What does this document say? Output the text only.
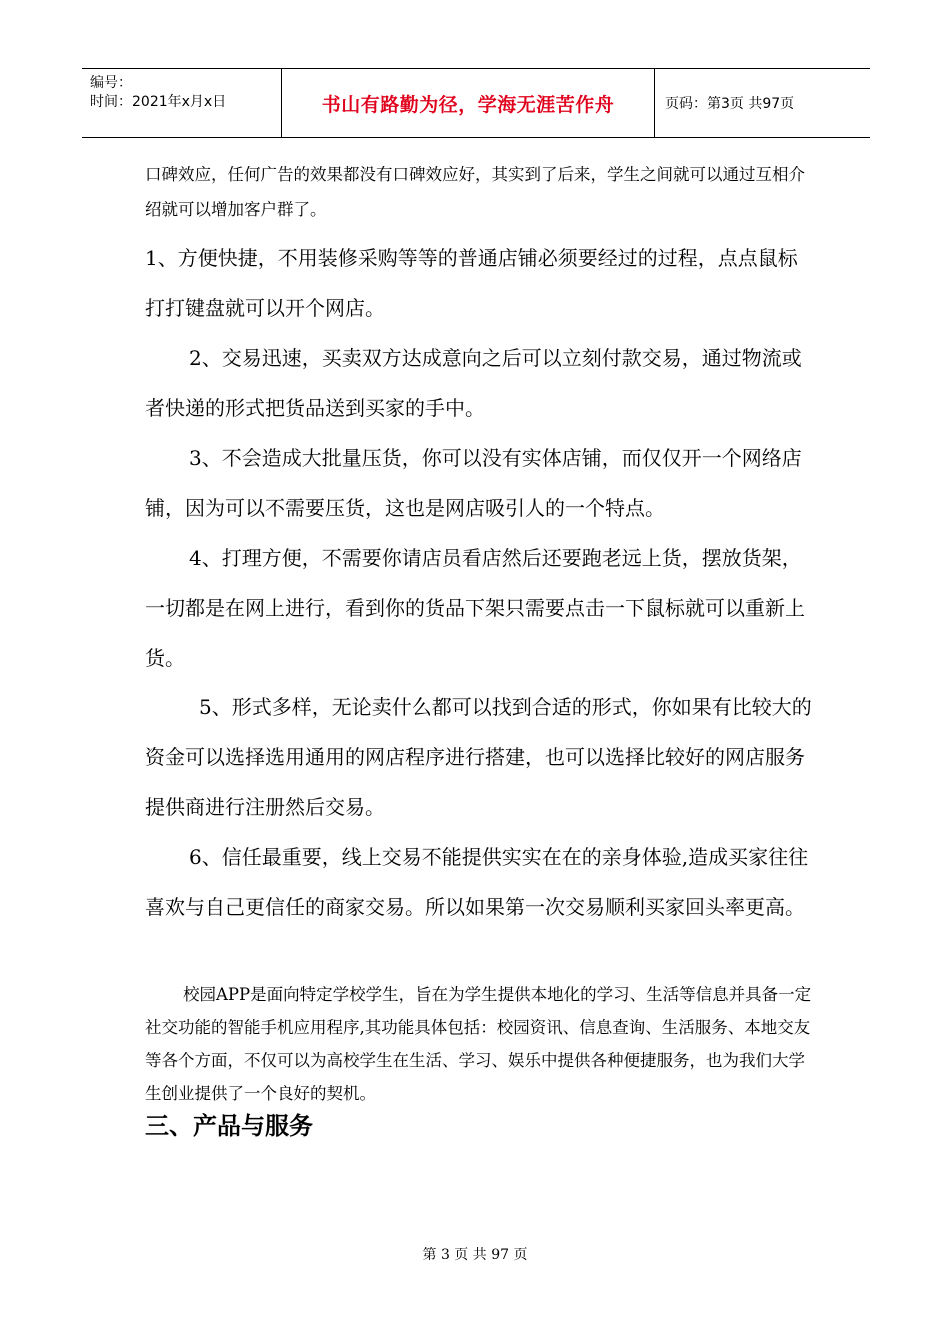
编号：
时间：2021年x月x日	书山有路勤为径，学海无涯苦作舟	页码：第3页 共97页
口碑效应，任何广告的效果都没有口碑效应好，其实到了后来，学生之间就可以通过互相介绍就可以增加客户群了。
1、方便快捷，不用装修采购等等的普通店铺必须要经过的过程，点点鼠标打打键盘就可以开个网店。
2、交易迅速，买卖双方达成意向之后可以立刻付款交易，通过物流或者快递的形式把货品送到买家的手中。
3、不会造成大批量压货，你可以没有实体店铺，而仅仅开一个网络店铺，因为可以不需要压货，这也是网店吸引人的一个特点。
4、打理方便，不需要你请店员看店然后还要跑老远上货，摆放货架，一切都是在网上进行，看到你的货品下架只需要点击一下鼠标就可以重新上货。
5、形式多样，无论卖什么都可以找到合适的形式，你如果有比较大的资金可以选择选用通用的网店程序进行搭建，也可以选择比较好的网店服务提供商进行注册然后交易。
6、信任最重要，线上交易不能提供实实在在的亲身体验,造成买家往往喜欢与自己更信任的商家交易。所以如果第一次交易顺利买家回头率更高。
校园APP是面向特定学校学生，旨在为学生提供本地化的学习、生活等信息并具备一定社交功能的智能手机应用程序,其功能具体包括：校园资讯、信息查询、生活服务、本地交友等各个方面，不仅可以为高校学生在生活、学习、娱乐中提供各种便捷服务，也为我们大学生创业提供了一个良好的契机。
三、产品与服务
第 3 页 共 97 页
